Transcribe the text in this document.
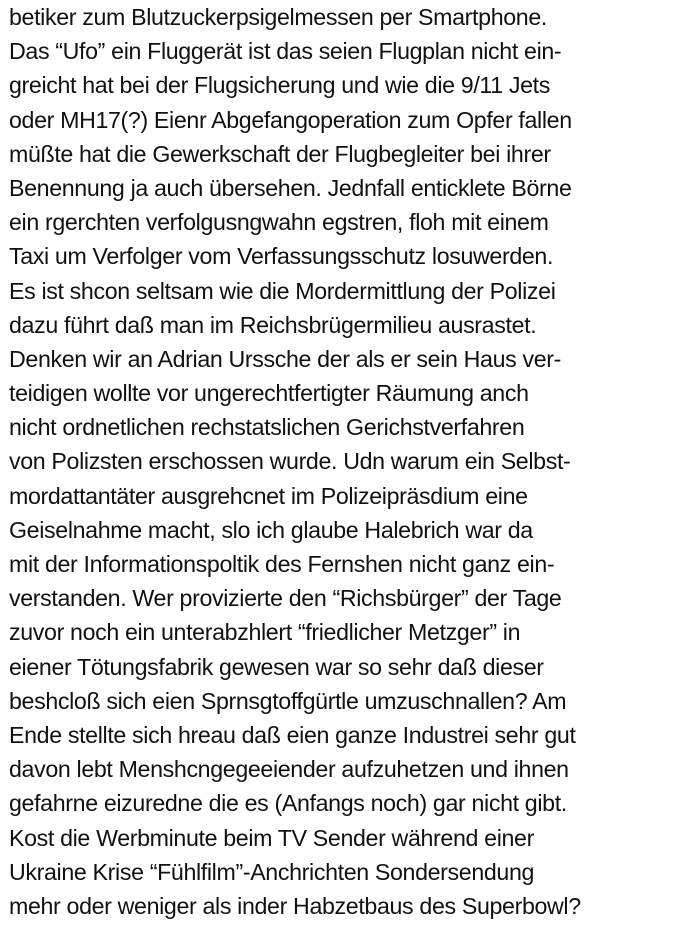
betiker zum Blutzuckerpsigelmessen per Smartphone.
Das “Ufo” ein Fluggerät ist das seien Flugplan nicht ein-
greicht hat bei der Flugsicherung und wie die 9/11 Jets
oder MH17(?) Eienr Abgefangoperation zum Opfer fallen
müßte hat die Gewerkschaft der Flugbegleiter bei ihrer
Benennung ja auch übersehen. Jednfall enticklete Börne
ein rgerchten verfolgusngwahn egstren, floh mit einem
Taxi um Verfolger vom Verfassungsschutz losuwerden.
Es ist shcon seltsam wie die Mordermittlung der Polizei
dazu führt daß man im Reichsbrügermilieu ausrastet.
Denken wir an Adrian Urssche der als er sein Haus ver-
teidigen wollte vor ungerechtfertigter Räumung anch
nicht ordnetlichen rechstatslichen Gerichstverfahren
von Polizsten erschossen wurde. Udn warum ein Selbst-
mordattantäter ausgrehcnet im Polizeipräsdium eine
Geiselnahme macht, slo ich glaube Halebrich war da
mit der Informationspoltik des Fernshen nicht ganz ein-
verstanden. Wer provizierte den “Richsbürger” der Tage
zuvor noch ein unterabzhlert “friedlicher Metzger” in
eiener Tötungsfabrik gewesen war so sehr daß dieser
beshcloß sich eien Sprnsgtoffgürtle umzuschnallen? Am
Ende stellte sich hreau daß eien ganze Industrei sehr gut
davon lebt Menshcngegeeiender aufzuhetzen und ihnen
gefahrne eizuredne die es (Anfangs noch) gar nicht gibt.
Kost die Werbminute beim TV Sender während einer
Ukraine Krise “Fühlfilm”-Anchrichten Sondersendung
mehr oder weniger als inder Habzetbaus des Superbowl?
